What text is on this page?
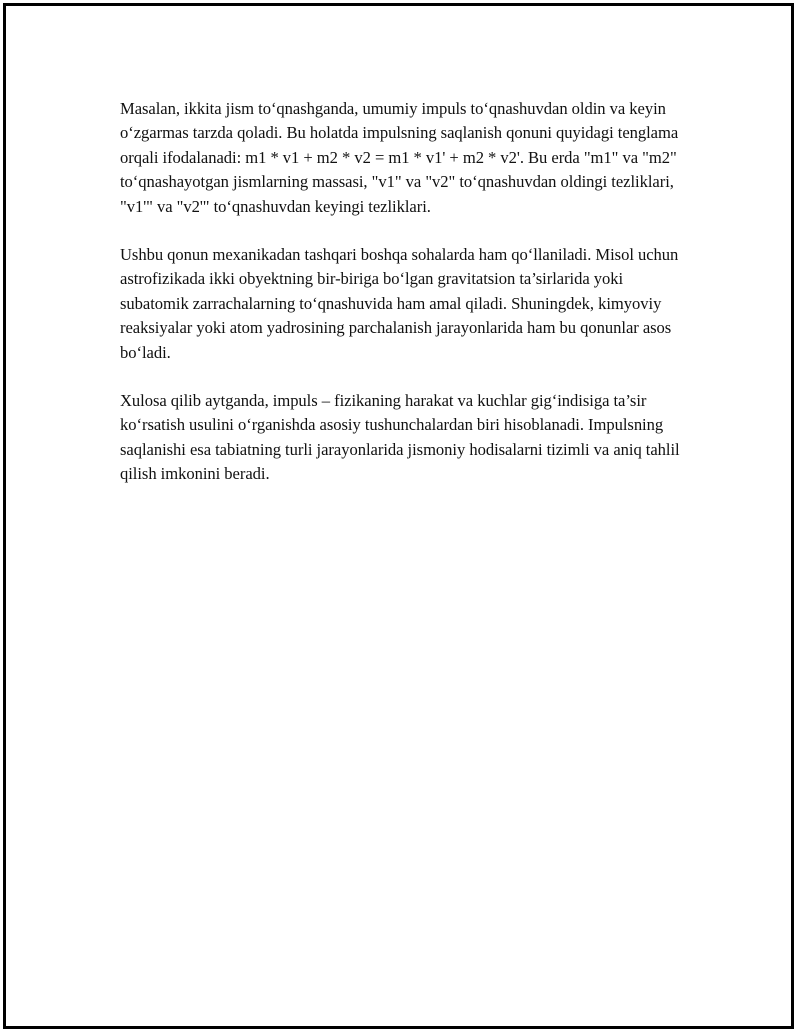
Masalan, ikkita jism to‘qnashganda, umumiy impuls to‘qnashuvdan oldin va keyin o‘zgarmas tarzda qoladi. Bu holatda impulsning saqlanish qonuni quyidagi tenglama orqali ifodalanadi: m1 * v1 + m2 * v2 = m1 * v1' + m2 * v2'. Bu erda "m1" va "m2" to‘qnashayotgan jismlarning massasi, "v1" va "v2" to‘qnashuvdan oldingi tezliklari, "v1'" va "v2'" to‘qnashuvdan keyingi tezliklari.

Ushbu qonun mexanikadan tashqari boshqa sohalarda ham qo‘llaniladi. Misol uchun astrofizikada ikki obyektning bir-biriga bo‘lgan gravitatsion ta’sirlarida yoki subatomik zarrachalarning to‘qnashuvida ham amal qiladi. Shuningdek, kimyoviy reaksiyalar yoki atom yadrosining parchalanish jarayonlarida ham bu qonunlar asos bo‘ladi.

Xulosa qilib aytganda, impuls – fizikaning harakat va kuchlar gig‘indisiga ta’sir ko‘rsatish usulini o‘rganishda asosiy tushunchalardan biri hisoblanadi. Impulsning saqlanishi esa tabiatning turli jarayonlarida jismoniy hodisalarni tizimli va aniq tahlil qilish imkonini beradi.
